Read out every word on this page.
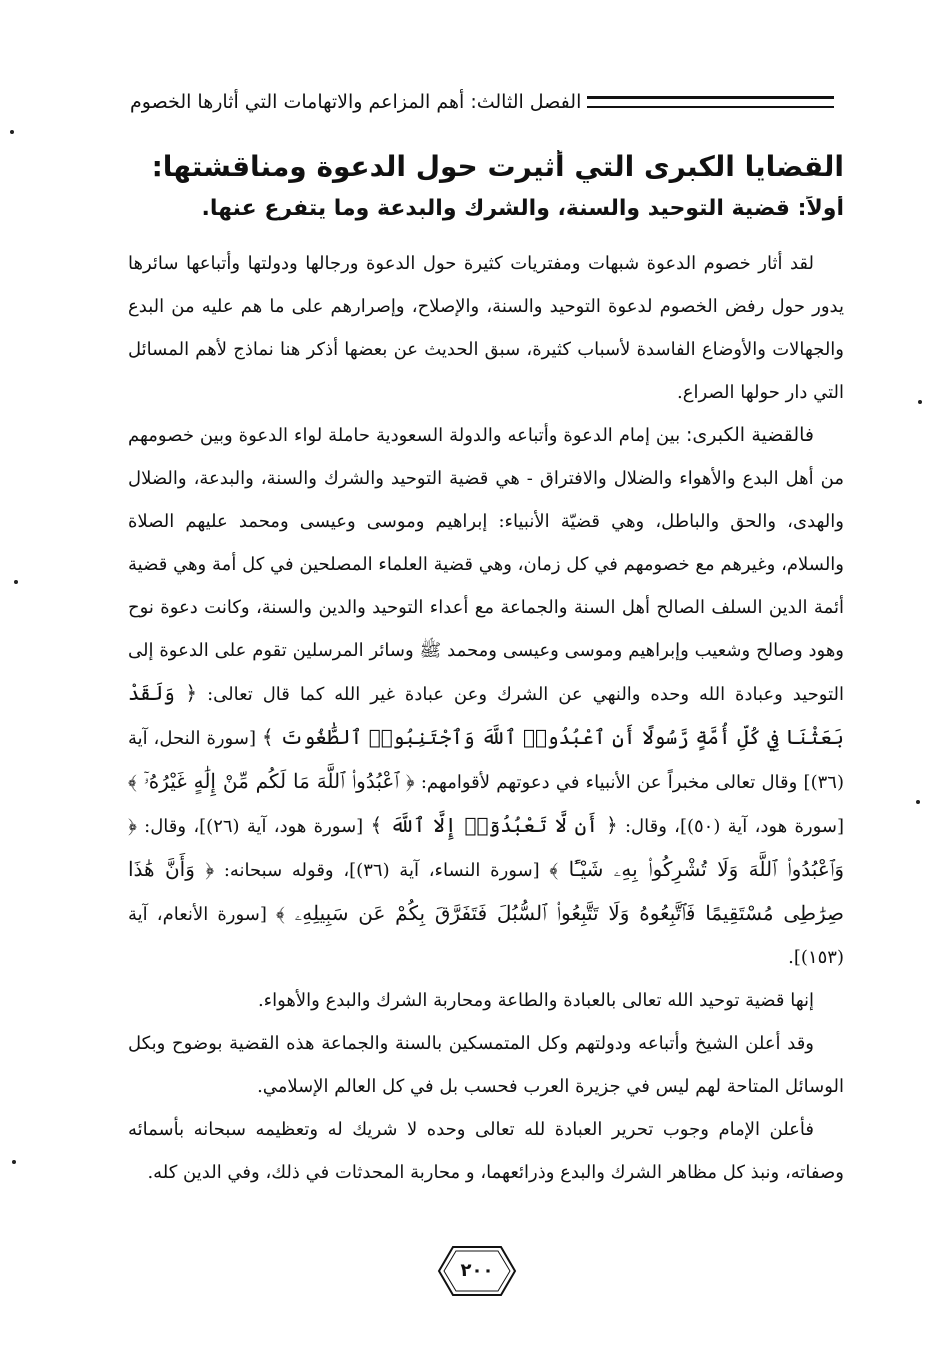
الفصل الثالث: أهم المزاعم والاتهامات التي أثارها الخصوم
القضايا الكبرى التي أثيرت حول الدعوة ومناقشتها:
أولاً: قضية التوحيد والسنة، والشرك والبدعة وما يتفرع عنها.

لقد أثار خصوم الدعوة شبهات ومفتريات كثيرة حول الدعوة ورجالها ودولتها وأتباعها سائرها يدور حول رفض الخصوم لدعوة التوحيد والسنة، والإصلاح، وإصرارهم على ما هم عليه من البدع والجهالات والأوضاع الفاسدة لأسباب كثيرة، سبق الحديث عن بعضها أذكر هنا نماذج لأهم المسائل التي دار حولها الصراع.

فالقضية الكبرى: بين إمام الدعوة وأتباعه والدولة السعودية حاملة لواء الدعوة وبين خصومهم من أهل البدع والأهواء والضلال والافتراق - هي قضية التوحيد والشرك والسنة، والبدعة، والضلال والهدى، والحق والباطل، وهي قضيّة الأنبياء: إبراهيم وموسى وعيسى ومحمد عليهم الصلاة والسلام، وغيرهم مع خصومهم في كل زمان، وهي قضية العلماء المصلحين في كل أمة وهي قضية أئمة الدين السلف الصالح أهل السنة والجماعة مع أعداء التوحيد والدين والسنة، وكانت دعوة نوح وهود وصالح وشعيب وإبراهيم وموسى وعيسى ومحمد ﷺ وسائر المرسلين تقوم على الدعوة إلى التوحيد وعبادة الله وحده والنهي عن الشرك وعن عبادة غير الله كما قال تعالى: ﴿ وَلَقَدْ بَعَثْنَا فِي كُلِّ أُمَّةٍ رَّسُولًا أَنِ ٱعْبُدُوا۟ ٱللَّهَ وَٱجْتَنِبُوا۟ ٱلطَّٰغُوتَ ﴾ [سورة النحل، آية (٣٦)] وقال تعالى مخبراً عن الأنبياء في دعوتهم لأقوامهم: ﴿ ٱعْبُدُوا۟ ٱللَّهَ مَا لَكُم مِّنْ إِلَٰهٍ غَيْرُهُۥٓ ﴾ [سورة هود، آية (٥٠)]، وقال: ﴿ أَن لَّا تَعْبُدُوٓا۟ إِلَّا ٱللَّهَ ﴾ [سورة هود، آية (٢٦)]، وقال: ﴿ وَٱعْبُدُوا۟ ٱللَّهَ وَلَا تُشْرِكُوا۟ بِهِۦ شَيْـًٔا ﴾ [سورة النساء، آية (٣٦)]، وقوله سبحانه: ﴿ وَأَنَّ هَٰذَا صِرَٰطِى مُسْتَقِيمًا فَٱتَّبِعُوهُ وَلَا تَتَّبِعُوا۟ ٱلسُّبُلَ فَتَفَرَّقَ بِكُمْ عَن سَبِيلِهِۦ ﴾ [سورة الأنعام، آية (١٥٣)].

إنها قضية توحيد الله تعالى بالعبادة والطاعة ومحاربة الشرك والبدع والأهواء.

وقد أعلن الشيخ وأتباعه ودولتهم وكل المتمسكين بالسنة والجماعة هذه القضية بوضوح وبكل الوسائل المتاحة لهم ليس في جزيرة العرب فحسب بل في كل العالم الإسلامي.

فأعلن الإمام وجوب تحرير العبادة لله تعالى وحده لا شريك له وتعظيمه سبحانه بأسمائه وصفاته، ونبذ كل مظاهر الشرك والبدع وذرائعهما، و محاربة المحدثات في ذلك، وفي الدين كله.

٢٠٠
